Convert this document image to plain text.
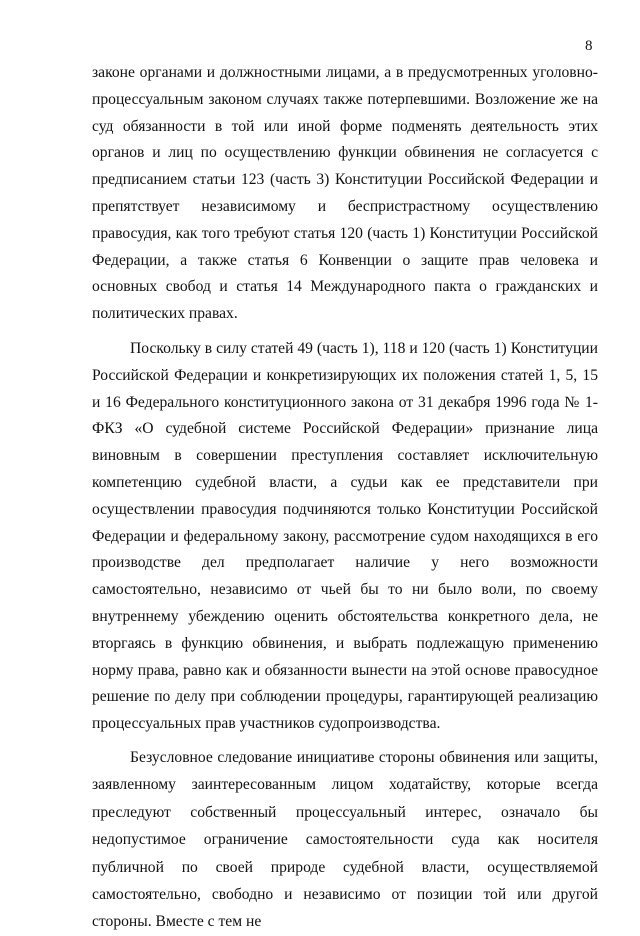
8

законе органами и должностными лицами, а в предусмотренных уголовно-процессуальным законом случаях также потерпевшими. Возложение же на суд обязанности в той или иной форме подменять деятельность этих органов и лиц по осуществлению функции обвинения не согласуется с предписанием статьи 123 (часть 3) Конституции Российской Федерации и препятствует независимому и беспристрастному осуществлению правосудия, как того требуют статья 120 (часть 1) Конституции Российской Федерации, а также статья 6 Конвенции о защите прав человека и основных свобод и статья 14 Международного пакта о гражданских и политических правах.

Поскольку в силу статей 49 (часть 1), 118 и 120 (часть 1) Конституции Российской Федерации и конкретизирующих их положения статей 1, 5, 15 и 16 Федерального конституционного закона от 31 декабря 1996 года № 1-ФКЗ «О судебной системе Российской Федерации» признание лица виновным в совершении преступления составляет исключительную компетенцию судебной власти, а судьи как ее представители при осуществлении правосудия подчиняются только Конституции Российской Федерации и федеральному закону, рассмотрение судом находящихся в его производстве дел предполагает наличие у него возможности самостоятельно, независимо от чьей бы то ни было воли, по своему внутреннему убеждению оценить обстоятельства конкретного дела, не вторгаясь в функцию обвинения, и выбрать подлежащую применению норму права, равно как и обязанности вынести на этой основе правосудное решение по делу при соблюдении процедуры, гарантирующей реализацию процессуальных прав участников судопроизводства.

Безусловное следование инициативе стороны обвинения или защиты, заявленному заинтересованным лицом ходатайству, которые всегда преследуют собственный процессуальный интерес, означало бы недопустимое ограничение самостоятельности суда как носителя публичной по своей природе судебной власти, осуществляемой самостоятельно, свободно и независимо от позиции той или другой стороны. Вместе с тем не
